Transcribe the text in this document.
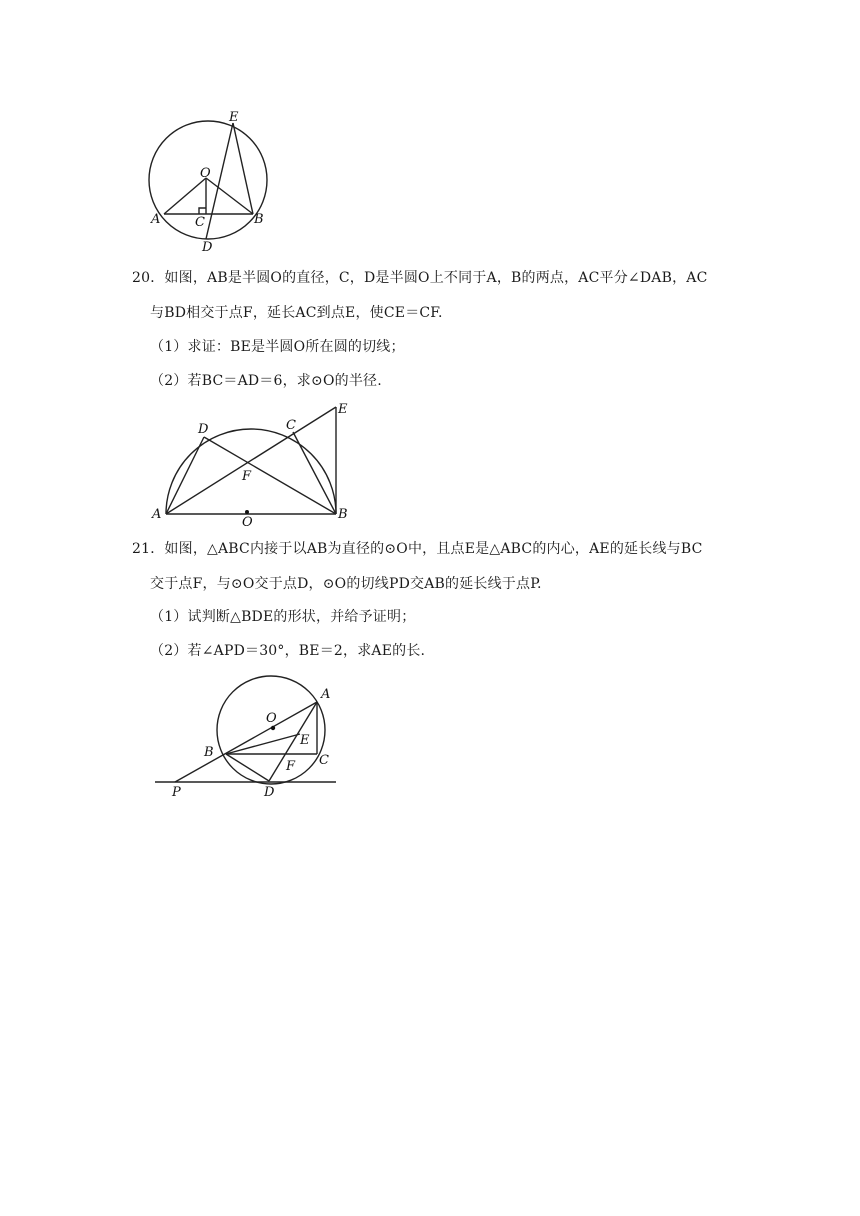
E
O
A	C	B
D
20．如图，AB是半圆O的直径，C，D是半圆O上不同于A，B的两点，AC平分∠DAB，AC
与BD相交于点F，延长AC到点E，使CE＝CF.
（1）求证：BE是半圆O所在圆的切线；
（2）若BC＝AD＝6，求⊙O的半径.
D	C
E
F
A
O
B
21．如图，△ABC内接于以AB为直径的⊙O中，且点E是△ABC的内心，AE的延长线与BC
交于点F，与⊙O交于点D，⊙O的切线PD交AB的延长线于点P.
（1）试判断△BDE的形状，并给予证明；
（2）若∠APD＝30°，BE＝2，求AE的长.
A
O
E
B
C
F
P	D
